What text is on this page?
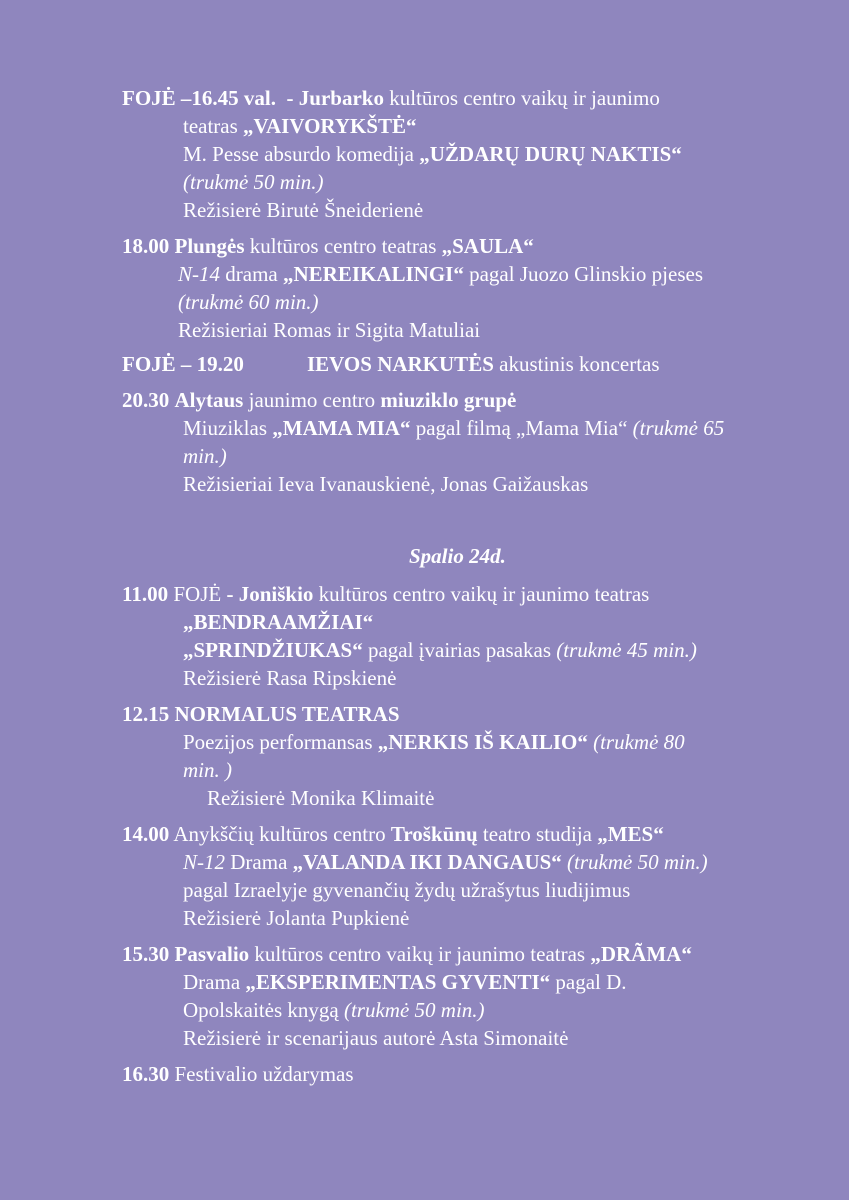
FOJĖ –16.45 val.  - Jurbarko kultūros centro vaikų ir jaunimo
teatras „VAIVORYKŠTĖ“
M. Pesse absurdo komedija „UŽDARŲ DURŲ NAKTIS“
(trukmė 50 min.)
Režisierė Birutė Šneiderienė
18.00 Plungės kultūros centro teatras „SAULA“
N-14 drama „NEREIKALINGI“ pagal Juozo Glinskio pjeses
(trukmė 60 min.)
Režisieriai Romas ir Sigita Matuliai
FOJĖ – 19.20	IEVOS NARKUTĖS akustinis koncertas
20.30 Alytaus jaunimo centro miuziklo grupė
Miuziklas „MAMA MIA“ pagal filmą „Mama Mia“ (trukmė 65
min.)
Režisieriai Ieva Ivanauskienė, Jonas Gaižauskas
Spalio 24d.
11.00 FOJĖ - Joniškio kultūros centro vaikų ir jaunimo teatras
„BENDRAAMŽIAI“
„SPRINDŽIUKAS“ pagal įvairias pasakas (trukmė 45 min.)
Režisierė Rasa Ripskienė
12.15 NORMALUS TEATRAS
Poezijos performansas „NERKIS IŠ KAILIO“ (trukmė 80
min. )
Režisierė Monika Klimaitė
14.00 Anykščių kultūros centro Troškūnų teatro studija „MES“
N-12 Drama „VALANDA IKI DANGAUS“ (trukmė 50 min.)
pagal Izraelyje gyvenančių žydų užrašytus liudijimus
Režisierė Jolanta Pupkienė
15.30 Pasvalio kultūros centro vaikų ir jaunimo teatras „DRÃMA“
Drama „EKSPERIMENTAS GYVENTI“ pagal D.
Opolskaitės knygą (trukmė 50 min.)
Režisierė ir scenarijaus autorė Asta Simonaitė
16.30 Festivalio uždarymas
